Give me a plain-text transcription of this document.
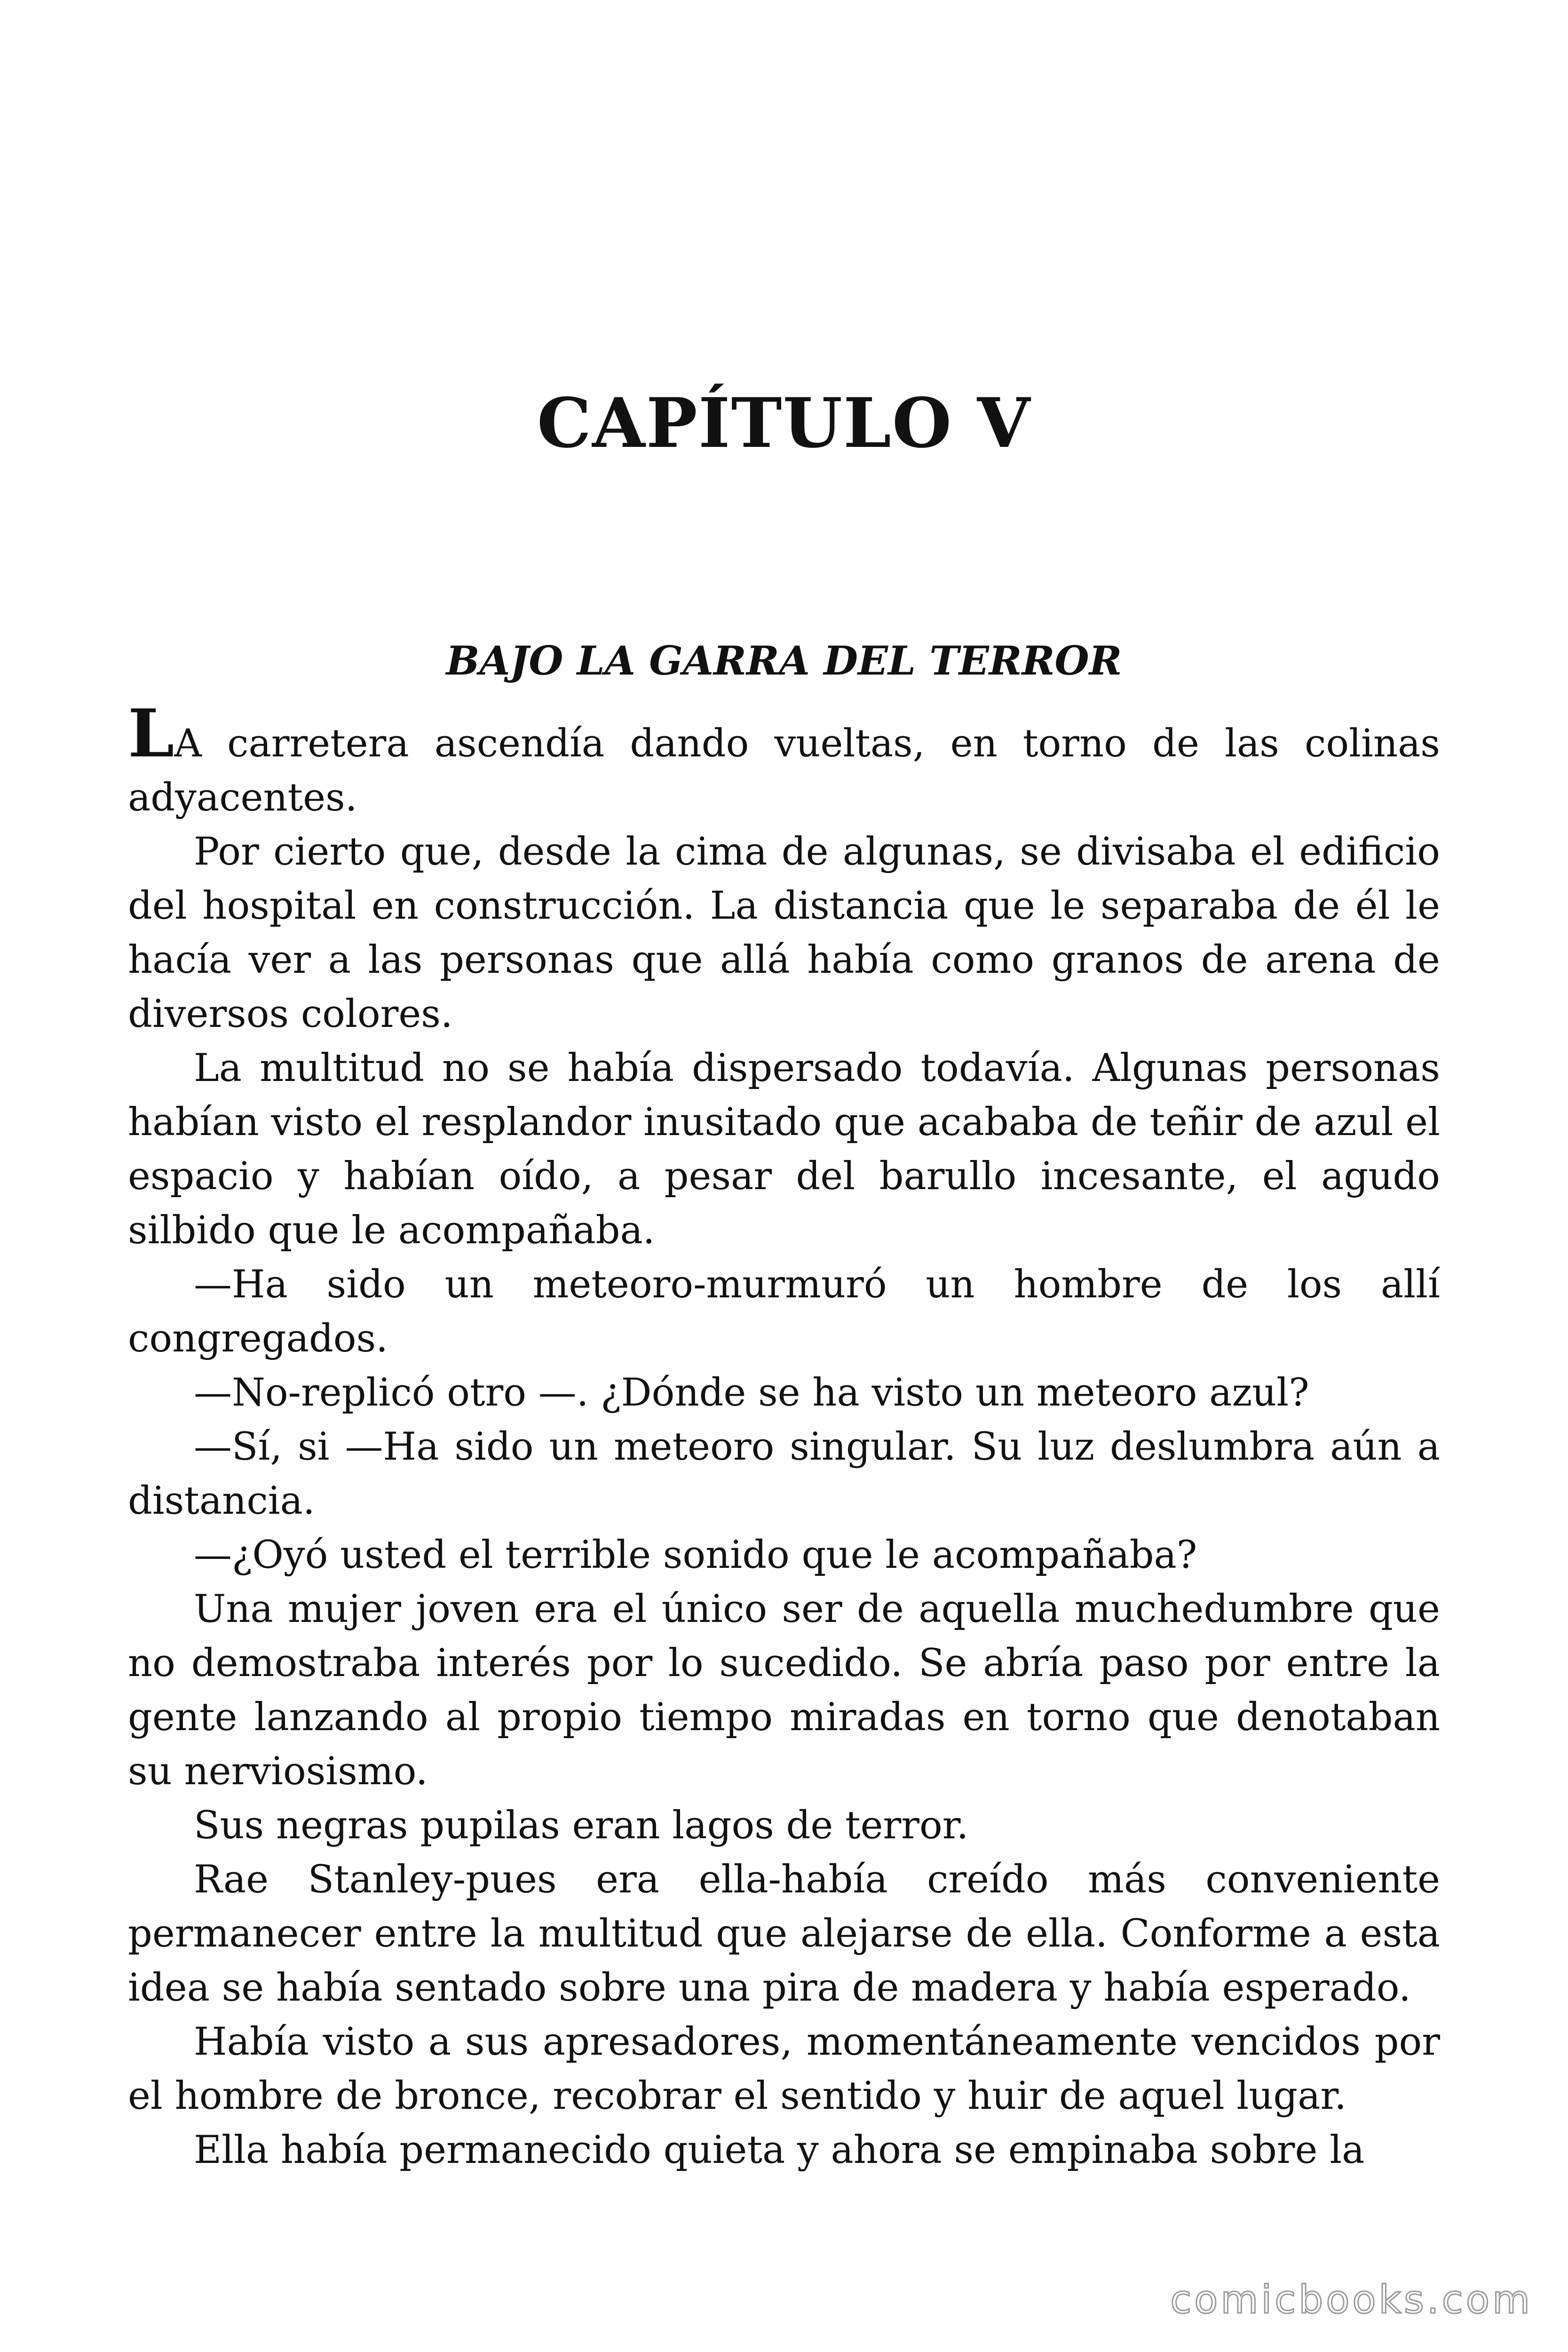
CAPÍTULO V
BAJO LA GARRA DEL TERROR

LA carretera ascendía dando vueltas, en torno de las colinas adyacentes.

Por cierto que, desde la cima de algunas, se divisaba el edificio del hospital en construcción. La distancia que le separaba de él le hacía ver a las personas que allá había como granos de arena de diversos colores.

La multitud no se había dispersado todavía. Algunas personas habían visto el resplandor inusitado que acababa de teñir de azul el espacio y habían oído, a pesar del barullo incesante, el agudo silbido que le acompañaba.

—Ha sido un meteoro-murmuró un hombre de los allí congregados.

—No-replicó otro —. ¿Dónde se ha visto un meteoro azul?

—Sí, si —Ha sido un meteoro singular. Su luz deslumbra aún a distancia.

—¿Oyó usted el terrible sonido que le acompañaba?

Una mujer joven era el único ser de aquella muchedumbre que no demostraba interés por lo sucedido. Se abría paso por entre la gente lanzando al propio tiempo miradas en torno que denotaban su nerviosismo.

Sus negras pupilas eran lagos de terror.

Rae Stanley-pues era ella-había creído más conveniente permanecer entre la multitud que alejarse de ella. Conforme a esta idea se había sentado sobre una pira de madera y había esperado.

Había visto a sus apresadores, momentáneamente vencidos por el hombre de bronce, recobrar el sentido y huir de aquel lugar.

Ella había permanecido quieta y ahora se empinaba sobre la

comicbooks.com
